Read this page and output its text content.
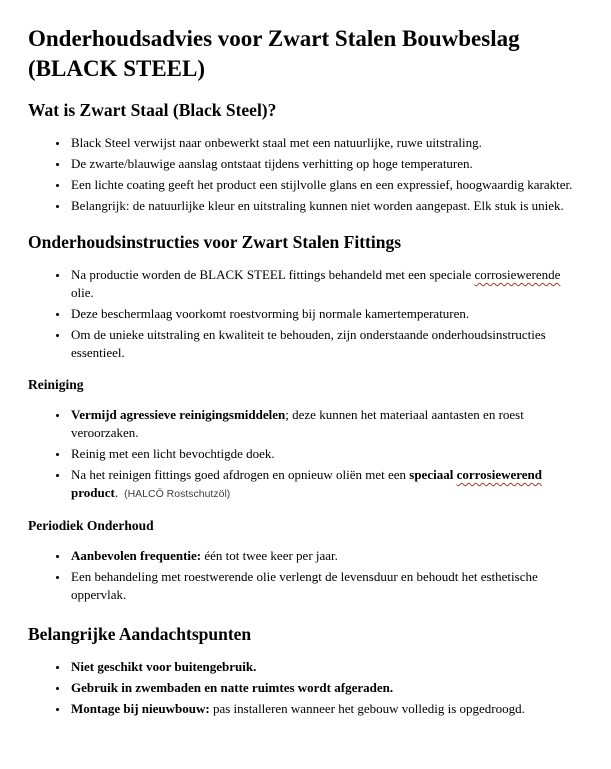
Onderhoudsadvies voor Zwart Stalen Bouwbeslag (BLACK STEEL)
Wat is Zwart Staal (Black Steel)?
• Black Steel verwijst naar onbewerkt staal met een natuurlijke, ruwe uitstraling.
• De zwarte/blauwige aanslag ontstaat tijdens verhitting op hoge temperaturen.
• Een lichte coating geeft het product een stijlvolle glans en een expressief, hoogwaardig karakter.
• Belangrijk: de natuurlijke kleur en uitstraling kunnen niet worden aangepast. Elk stuk is uniek.
Onderhoudsinstructies voor Zwart Stalen Fittings
• Na productie worden de BLACK STEEL fittings behandeld met een speciale corrosiewerende olie.
• Deze beschermlaag voorkomt roestvorming bij normale kamertemperaturen.
• Om de unieke uitstraling en kwaliteit te behouden, zijn onderstaande onderhoudsinstructies essentieel.
Reiniging
• Vermijd agressieve reinigingsmiddelen; deze kunnen het materiaal aantasten en roest veroorzaken.
• Reinig met een licht bevochtigde doek.
• Na het reinigen fittings goed afdrogen en opnieuw oliën met een speciaal corrosiewerend product. (HALCŌ Rostschutzöl)
Periodiek Onderhoud
• Aanbevolen frequentie: één tot twee keer per jaar.
• Een behandeling met roestwerende olie verlengt de levensduur en behoudt het esthetische oppervlak.
Belangrijke Aandachtspunten
• Niet geschikt voor buitengebruik.
• Gebruik in zwembaden en natte ruimtes wordt afgeraden.
• Montage bij nieuwbouw: pas installeren wanneer het gebouw volledig is opgedroogd.
